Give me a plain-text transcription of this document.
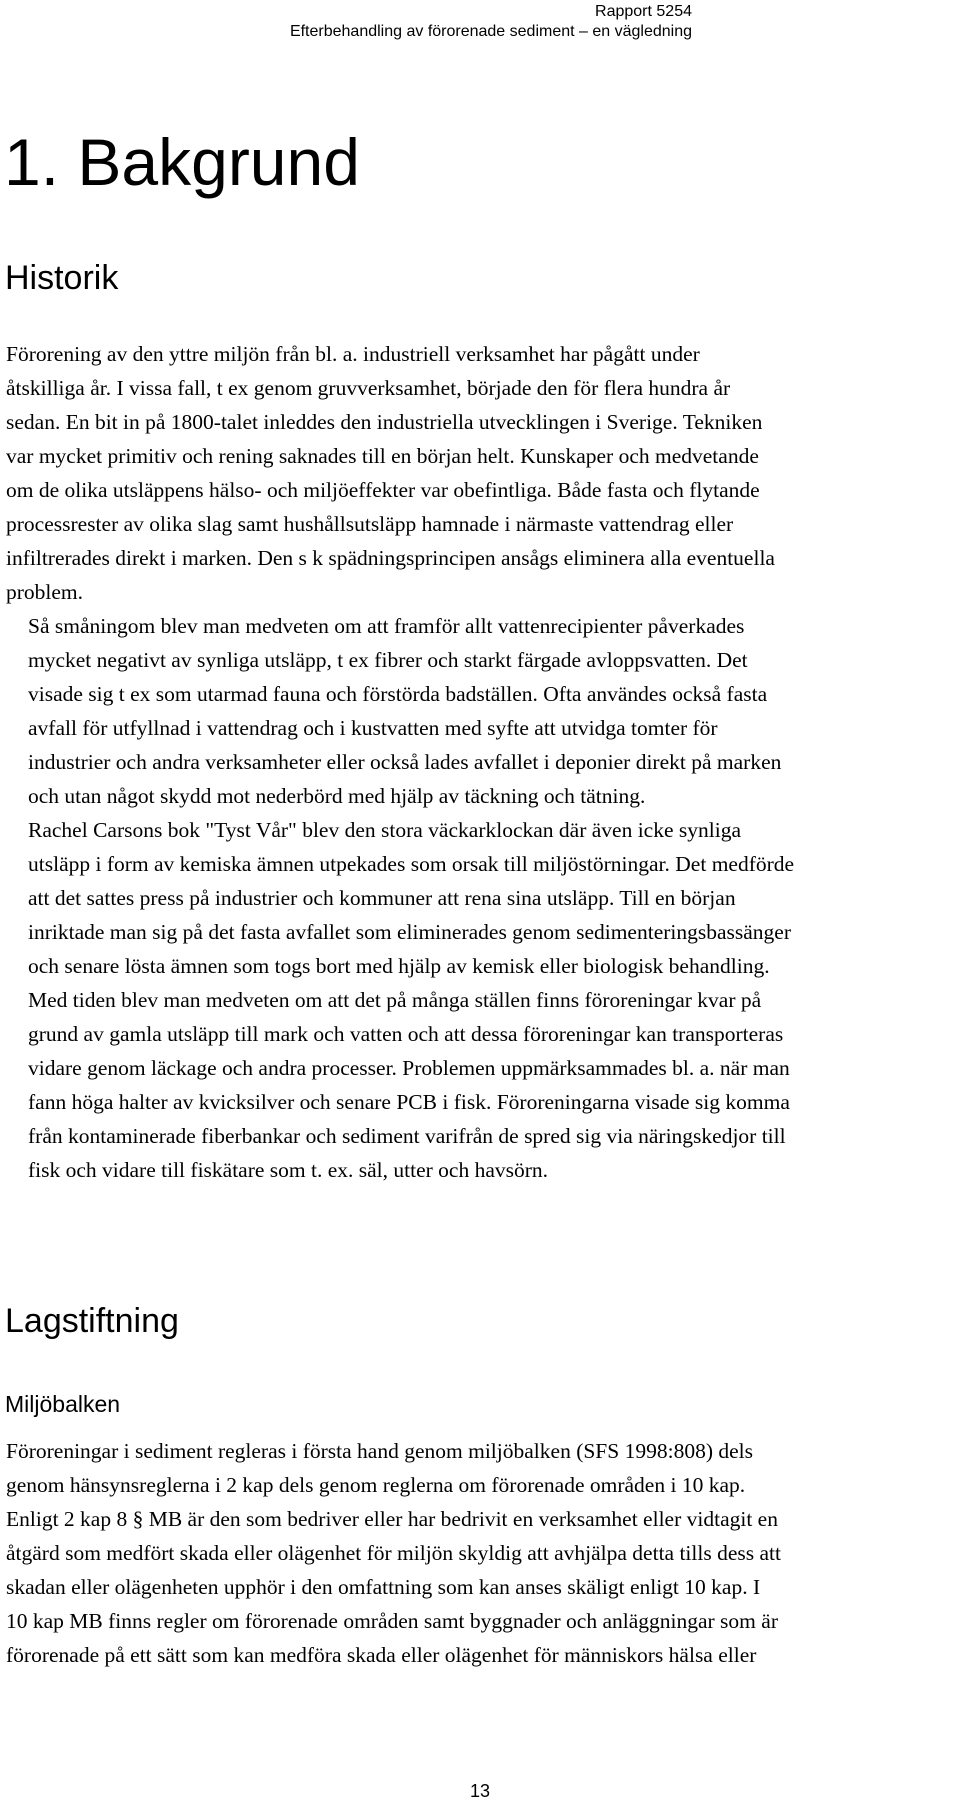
Rapport 5254
Efterbehandling av förorenade sediment – en vägledning
1. Bakgrund
Historik

Förorening av den yttre miljön från bl. a. industriell verksamhet har pågått under
åtskilliga år. I vissa fall, t ex genom gruvverksamhet, började den för flera hundra år
sedan. En bit in på 1800-talet inleddes den industriella utvecklingen i Sverige. Tekniken
var mycket primitiv och rening saknades till en början helt. Kunskaper och medvetande
om de olika utsläppens hälso- och miljöeffekter var obefintliga. Både fasta och flytande
processrester av olika slag samt hushållsutsläpp hamnade i närmaste vattendrag eller
infiltrerades direkt i marken. Den s k spädningsprincipen ansågs eliminera alla eventuella
problem.

Så småningom blev man medveten om att framför allt vattenrecipienter påverkades
mycket negativt av synliga utsläpp, t ex fibrer och starkt färgade avloppsvatten. Det
visade sig t ex som utarmad fauna och förstörda badställen. Ofta användes också fasta
avfall för utfyllnad i vattendrag och i kustvatten med syfte att utvidga tomter för
industrier och andra verksamheter eller också lades avfallet i deponier direkt på marken
och utan något skydd mot nederbörd med hjälp av täckning och tätning.

Rachel Carsons bok "Tyst Vår" blev den stora väckarklockan där även icke synliga
utsläpp i form av kemiska ämnen utpekades som orsak till miljöstörningar. Det medförde
att det sattes press på industrier och kommuner att rena sina utsläpp. Till en början
inriktade man sig på det fasta avfallet som eliminerades genom sedimenteringsbassänger
och senare lösta ämnen som togs bort med hjälp av kemisk eller biologisk behandling.

Med tiden blev man medveten om att det på många ställen finns föroreningar kvar på
grund av gamla utsläpp till mark och vatten och att dessa föroreningar kan transporteras
vidare genom läckage och andra processer. Problemen uppmärksammades bl. a. när man
fann höga halter av kvicksilver och senare PCB i fisk. Föroreningarna visade sig komma
från kontaminerade fiberbankar och sediment varifrån de spred sig via näringskedjor till
fisk och vidare till fiskätare som t. ex. säl, utter och havsörn.

Lagstiftning
Miljöbalken

Föroreningar i sediment regleras i första hand genom miljöbalken (SFS 1998:808) dels
genom hänsynsreglerna i 2 kap dels genom reglerna om förorenade områden i 10 kap.
Enligt 2 kap 8 § MB är den som bedriver eller har bedrivit en verksamhet eller vidtagit en
åtgärd som medfört skada eller olägenhet för miljön skyldig att avhjälpa detta tills dess att
skadan eller olägenheten upphör i den omfattning som kan anses skäligt enligt 10 kap. I
10 kap MB finns regler om förorenade områden samt byggnader och anläggningar som är
förorenade på ett sätt som kan medföra skada eller olägenhet för människors hälsa eller

13
